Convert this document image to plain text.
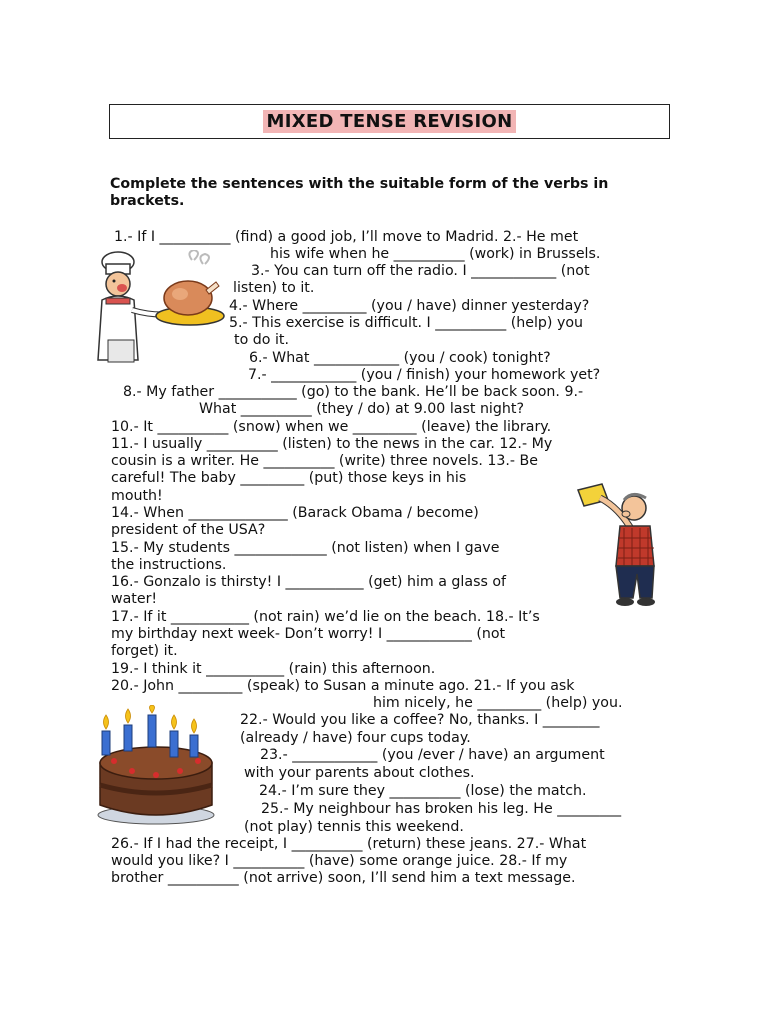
MIXED TENSE REVISION
Complete the sentences with the suitable form of the verbs in brackets.
1.- If I __________ (find) a good job, I’ll move to Madrid. 2.- He met
his wife when he __________ (work) in Brussels.
3.- You can turn off the radio. I ____________ (not
listen) to it.
4.- Where _________ (you / have) dinner yesterday?
5.- This exercise is difficult. I __________ (help) you
to do it.
6.- What ____________ (you / cook) tonight?
7.- ____________ (you / finish) your homework yet?
8.- My father ___________ (go) to the bank. He’ll be back soon. 9.-
What __________ (they / do) at 9.00 last night?
10.- It __________ (snow) when we _________ (leave) the library.
11.- I usually __________ (listen) to the news in the car. 12.- My
cousin is a writer. He __________ (write) three novels. 13.- Be
careful! The baby _________ (put) those keys in his
mouth!
14.- When ______________ (Barack Obama / become)
president of the USA?
15.- My students _____________ (not listen) when I gave
the instructions.
16.- Gonzalo is thirsty! I ___________ (get) him a glass of
water!
17.- If it ___________ (not rain) we’d lie on the beach. 18.- It’s
my birthday next week- Don’t worry! I ____________ (not
forget) it.
19.- I think it ___________ (rain) this afternoon.
20.- John _________ (speak) to Susan a minute ago. 21.- If you ask
him nicely, he _________ (help) you.
22.- Would you like a coffee? No, thanks. I ________
(already / have) four cups today.
23.- ____________ (you /ever / have) an argument
with your parents about clothes.
24.- I’m sure they __________ (lose) the match.
25.- My neighbour has broken his leg. He _________
(not play) tennis this weekend.
26.- If I had the receipt, I __________ (return) these jeans. 27.- What
would you like? I __________ (have) some orange juice. 28.- If my
brother __________ (not arrive) soon, I’ll send him a text message.
